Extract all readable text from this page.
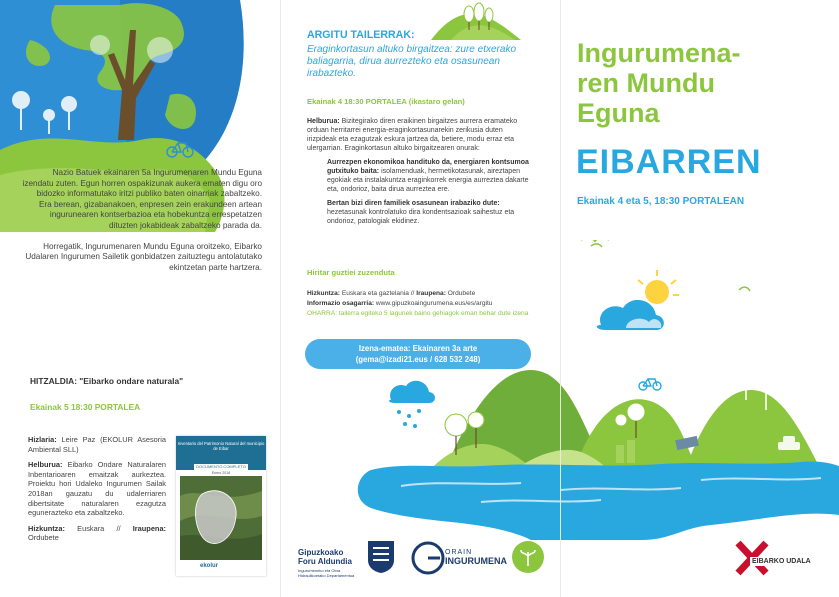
Nazio Batuek ekainaren 5a Ingurumenaren Mundu Eguna izendatu zuten. Egun horren ospakizunak aukera ematen digu oro bidozko informatutako iritzi publiko baten oinarriak zabaltzeko. Era berean, gizabanakoen, enpresen zein erakundeen artean ingurunearen kontserbazioa eta hobekuntza errespetatzen dituzten jokabideak zabaltzeko parada da.

Horregatik, Ingurumenaren Mundu Eguna oroitzeko, Eibarko Udalaren Ingurumen Sailetik gonbidatzen zaituztegu antolatutako ekintzetan parte hartzera.

HITZALDIA: "Eibarko ondare naturala"
Ekainak 5 18:30 PORTALEA

Hizlaria: Leire Paz (EKOLUR Asesoria Ambiental SLL)

Helburua: Eibarko Ondare Naturalaren Inbentarioaren emaitzak aurkeztea. Proiektu hori Udaleko Ingurumen Sailak 2018an gauzatu du udalerriaren dibertsitate naturalaren ezagutza egunerazteko eta zabaltzeko.

Hizkuntza: Euskara // Iraupena: Ordubete

Inventario del Patrimonio Natural del municipio de Eibar
DOCUMENTO COMPLETO
Enero 2018
ekolur
ARGITU TAILERRAK:
Eraginkortasun altuko birgaitzea: zure etxerako baliagarria, dirua aurrezteko eta osasunean irabazteko.
Ekainak 4 18:30 PORTALEA (ikastaro gelan)

Helburua: Bizitegirako diren eraikinen birgaitzes aurrera eramateko orduan herritarrei energia-eraginkortasunarekin zerikusia duten irizpideak eta ezagutzak eskura jartzea da, betiere, modu erraz eta ulergarrian. Eraginkortasun altuko birgaitzearen onurak:

Aurrezpen ekonomikoa handituko da, energiaren kontsumoa gutxituko baita: isolamenduak, hermetikotasunak, aireztapen egokiak eta instalakuntza eraginkorrek energia aurreztea dakarte eta, ondorioz, baita dirua aurreztea ere.

Bertan bizi diren familiek osasunean irabaziko dute: hezetasunak kontrolatuko dira kondentsazioak saihestuz eta ondorioz, patologiak ekidinez.

Hiritar guztiei zuzenduta
Hizkuntza: Euskara eta gaztelania // Iraupena: Ordubete
Informazio osagarria: www.gipuzkoaingurumena.eus/es/argitu
OHARRA: tailerra egiteko 5 lagunek baino gehiagok eman behar dute izena
Izena-ematea: Ekainaren 3a arte
(gema@izadi21.eus / 628 532 248)
Ingurumena-
ren Mundu
Eguna
EIBARREN
Ekainak 4 eta 5, 18:30 PORTALEAN
Gipuzkoako
Foru Aldundia
Ingurumeneko eta Obra Hidraulikoetako Departamentua
ORAIN
INGURUMENA	EIBARKO UDALA
